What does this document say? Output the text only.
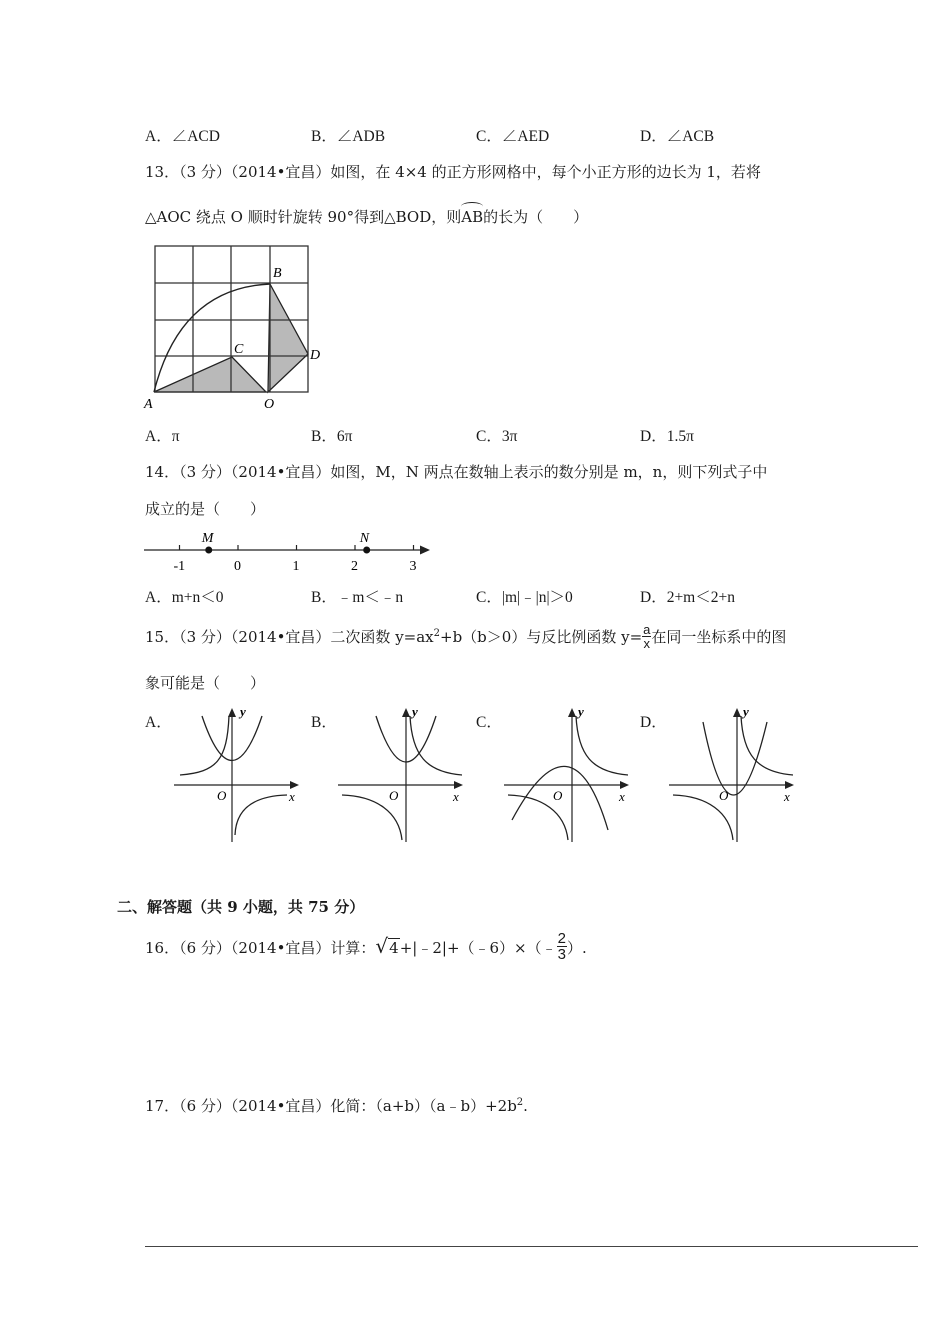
A．∠ACD	B．∠ADB	C．∠AED	D．∠ACB
13．（3 分）（2014•宜昌）如图，在 4×4 的正方形网格中，每个小正方形的边长为 1，若将
△AOC 绕点 O 顺时针旋转 90°得到△BOD，则AB的长为（　　）
B
C	D
A	O
A．π	B．6π	C．3π	D．1.5π
14．（3 分）（2014•宜昌）如图，M，N 两点在数轴上表示的数分别是 m，n，则下列式子中
成立的是（　　）
-1	0	1	2	3
M	N
A．m+n＜0	B．﹣m＜﹣n	C．|m|﹣|n|＞0	D．2+m＜2+n
15．（3 分）（2014•宜昌）二次函数 $y=ax^2+b(b>0)$与反比例函数 $y= \frac{a}{x}$ 在同一坐标系中的图
象可能是（　　）
A．	B．	C．	D．
y
x
O
y
x
O
y
x
O
y
x
O
二、解答题（共 9 小题，共 75 分）
16．（6 分）（2014•宜昌）计算：√4+|﹣2|+（﹣6）×（﹣ $\frac{2}{3}$ ）.
17．（6 分）（2014•宜昌）化简：$(a+b)(a﹣b)+2b^2$.
